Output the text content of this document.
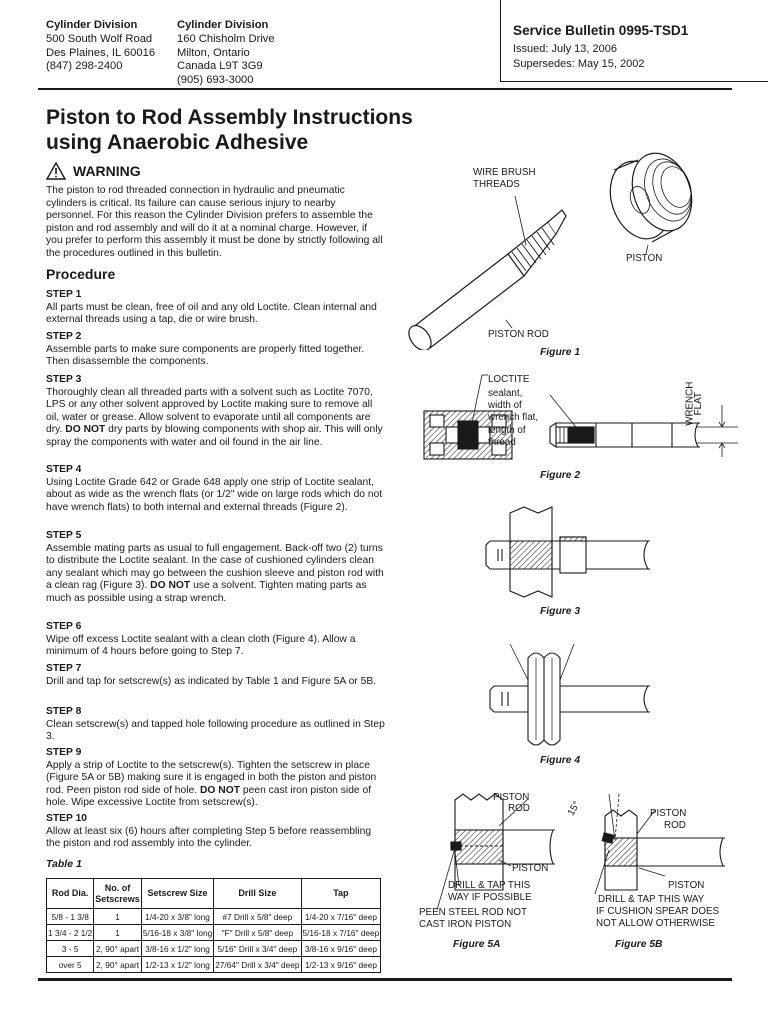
Cylinder Division
500 South Wolf Road
Des Plaines, IL 60016
(847) 298-2400
Cylinder Division
160 Chisholm Drive
Milton, Ontario
Canada L9T 3G9
(905) 693-3000
Service Bulletin 0995-TSD1
Issued: July 13, 2006
Supersedes: May 15, 2002
Piston to Rod Assembly Instructions
using Anaerobic Adhesive
WARNING
The piston to rod threaded connection in hydraulic and pneumatic cylinders is critical. Its failure can cause serious injury to nearby personnel. For this reason the Cylinder Division prefers to assemble the piston and rod assembly and will do it at a nominal charge. However, if you prefer to perform this assembly it must be done by strictly following all the procedures outlined in this bulletin.
Procedure
STEP 1
All parts must be clean, free of oil and any old Loctite. Clean internal and external threads using a tap, die or wire brush.
STEP 2
Assemble parts to make sure components are properly fitted together. Then disassemble the components.
STEP 3
Thoroughly clean all threaded parts with a solvent such as Loctite 7070, LPS or any other solvent approved by Loctite making sure to remove all oil, water or grease. Allow solvent to evaporate until all components are dry. DO NOT dry parts by blowing components with shop air. This will only spray the components with water and oil found in the air line.
STEP 4
Using Loctite Grade 642 or Grade 648 apply one strip of Loctite sealant, about as wide as the wrench flats (or 1/2" wide on large rods which do not have wrench flats) to both internal and external threads (Figure 2).
STEP 5
Assemble mating parts as usual to full engagement. Back-off two (2) turns to distribute the Loctite sealant. In the case of cushioned cylinders clean any sealant which may go between the cushion sleeve and piston rod with a clean rag (Figure 3). DO NOT use a solvent. Tighten mating parts as much as possible using a strap wrench.
STEP 6
Wipe off excess Loctite sealant with a clean cloth (Figure 4). Allow a minimum of 4 hours before going to Step 7.
STEP 7
Drill and tap for setscrew(s) as indicated by Table 1 and Figure 5A or 5B.
STEP 8
Clean setscrew(s) and tapped hole following procedure as outlined in Step 3.
STEP 9
Apply a strip of Loctite to the setscrew(s). Tighten the setscrew in place (Figure 5A or 5B) making sure it is engaged in both the piston and piston rod. Peen piston rod side of hole. DO NOT peen cast iron piston side of hole. Wipe excessive Loctite from setscrew(s).
STEP 10
Allow at least six (6) hours after completing Step 5 before reassembling the piston and rod assembly into the cylinder.
Table 1
Rod Dia.	No. of Setscrews	Setscrew Size	Drill Size	Tap
5/8 - 1 3/8	1	1/4-20 x 3/8" long	#7 Drill x 5/8" deep	1/4-20 x 7/16" deep
1 3/4 - 2 1/2	1	5/16-18 x 3/8" long	"F" Drill x 5/8" deep	5/16-18 x 7/16" deep
3 - 5	2, 90° apart	3/8-16 x 1/2" long	5/16" Drill x 3/4" deep	3/8-16 x 9/16" deep
over 5	2, 90° apart	1/2-13 x 1/2" long	27/64" Drill x 3/4" deep	1/2-13 x 9/16" deep
WIRE BRUSH
THREADS
PISTON
PISTON ROD
Figure 1
LOCTITE
sealant,
width of
wrench flat,
length of
thread
WRENCH
FLAT
Figure 2
Figure 3
Figure 4
PISTON
ROD
PISTON
DRILL & TAP THIS
WAY IF POSSIBLE
PEEN STEEL ROD NOT
CAST IRON PISTON
Figure 5A
15°	PISTON
ROD
PISTON
DRILL & TAP THIS WAY
IF CUSHION SPEAR DOES
NOT ALLOW OTHERWISE
Figure 5B
